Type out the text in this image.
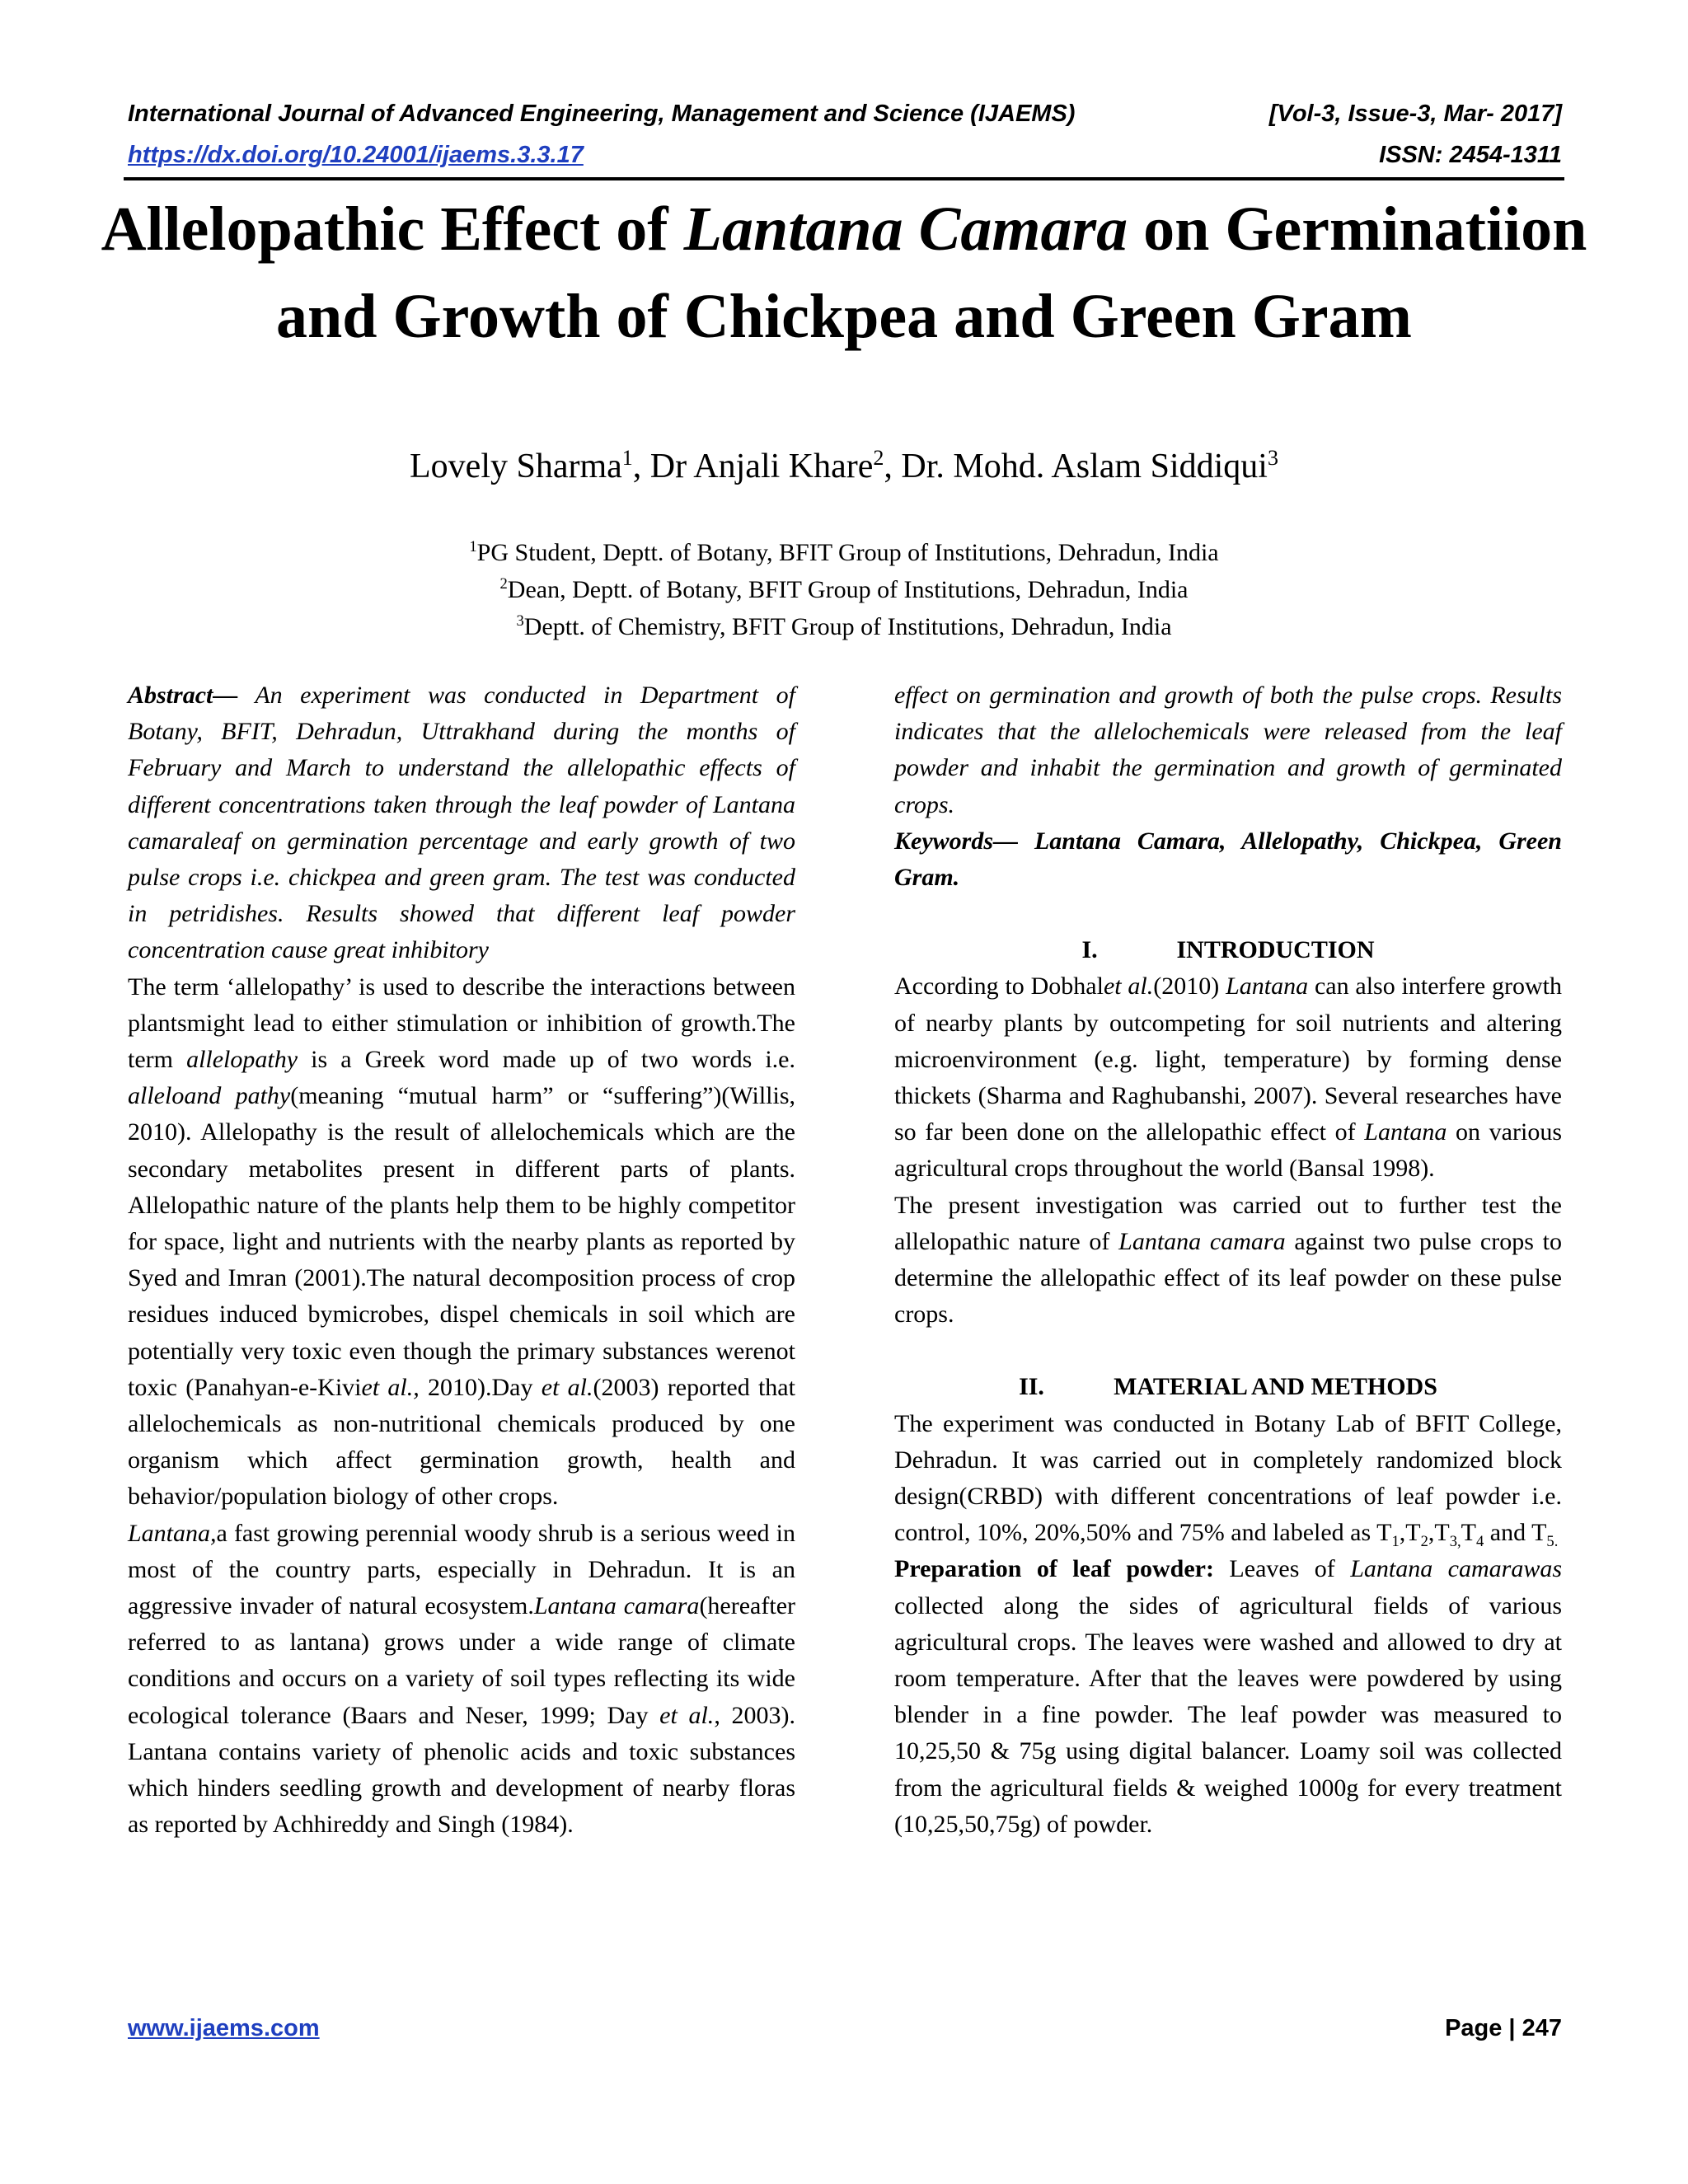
International Journal of Advanced Engineering, Management and Science (IJAEMS)	[Vol-3, Issue-3, Mar- 2017]
https://dx.doi.org/10.24001/ijaems.3.3.17	ISSN: 2454-1311
Allelopathic Effect of Lantana Camara on Germinatiion and Growth of Chickpea and Green Gram
Lovely Sharma$^1$, Dr Anjali Khare$^2$, Dr. Mohd. Aslam Siddiqui$^3$
$^1$PG Student, Deptt. of Botany, BFIT Group of Institutions, Dehradun, India
$^2$Dean, Deptt. of Botany, BFIT Group of Institutions, Dehradun, India
$^3$Deptt. of Chemistry, BFIT Group of Institutions, Dehradun, India

Abstract— An experiment was conducted in Department of Botany, BFIT, Dehradun, Uttrakhand during the months of February and March to understand the allelopathic effects of different concentrations taken through the leaf powder of Lantana camaraleaf on germination percentage and early growth of two pulse crops i.e. chickpea and green gram. The test was conducted in petridishes. Results showed that different leaf powder concentration cause great inhibitory

The term ‘allelopathy’ is used to describe the interactions between plantsmight lead to either stimulation or inhibition of growth.The term allelopathy is a Greek word made up of two words i.e. alleloand pathy(meaning “mutual harm” or “suffering”)(Willis, 2010). Allelopathy is the result of allelochemicals which are the secondary metabolites present in different parts of plants. Allelopathic nature of the plants help them to be highly competitor for space, light and nutrients with the nearby plants as reported by Syed and Imran (2001).The natural decomposition process of crop residues induced bymicrobes, dispel chemicals in soil which are potentially very toxic even though the primary substances werenot toxic (Panahyan-e-Kiviet al., 2010).Day et al.(2003) reported that allelochemicals as non-nutritional chemicals produced by one organism which affect germination growth, health and behavior/population biology of other crops.

Lantana,a fast growing perennial woody shrub is a serious weed in most of the country parts, especially in Dehradun. It is an aggressive invader of natural ecosystem.Lantana camara(hereafter referred to as lantana) grows under a wide range of climate conditions and occurs on a variety of soil types reflecting its wide ecological tolerance (Baars and Neser, 1999; Day et al., 2003). Lantana contains variety of phenolic acids and toxic substances which hinders seedling growth and development of nearby floras as reported by Achhireddy and Singh (1984).

effect on germination and growth of both the pulse crops. Results indicates that the allelochemicals were released from the leaf powder and inhabit the germination and growth of germinated crops.

Keywords— Lantana Camara, Allelopathy, Chickpea, Green Gram.

I.	INTRODUCTION

According to Dobhalet al.(2010) Lantana can also interfere growth of nearby plants by outcompeting for soil nutrients and altering microenvironment (e.g. light, temperature) by forming dense thickets (Sharma and Raghubanshi, 2007). Several researches have so far been done on the allelopathic effect of Lantana on various agricultural crops throughout the world (Bansal 1998).

The present investigation was carried out to further test the allelopathic nature of Lantana camara against two pulse crops to determine the allelopathic effect of its leaf powder on these pulse crops.

II.	MATERIAL AND METHODS

The experiment was conducted in Botany Lab of BFIT College, Dehradun. It was carried out in completely randomized block design(CRBD) with different concentrations of leaf powder i.e. control, 10%, 20%,50% and 75% and labeled as $T_1,T_2,T_{3,}T_4$ and $T_{5.}$

Preparation of leaf powder: Leaves of Lantana camarawas collected along the sides of agricultural fields of various agricultural crops. The leaves were washed and allowed to dry at room temperature. After that the leaves were powdered by using blender in a fine powder. The leaf powder was measured to 10,25,50 & 75g using digital balancer. Loamy soil was collected from the agricultural fields & weighed 1000g for every treatment (10,25,50,75g) of powder.

www.ijaems.com	Page | 247
